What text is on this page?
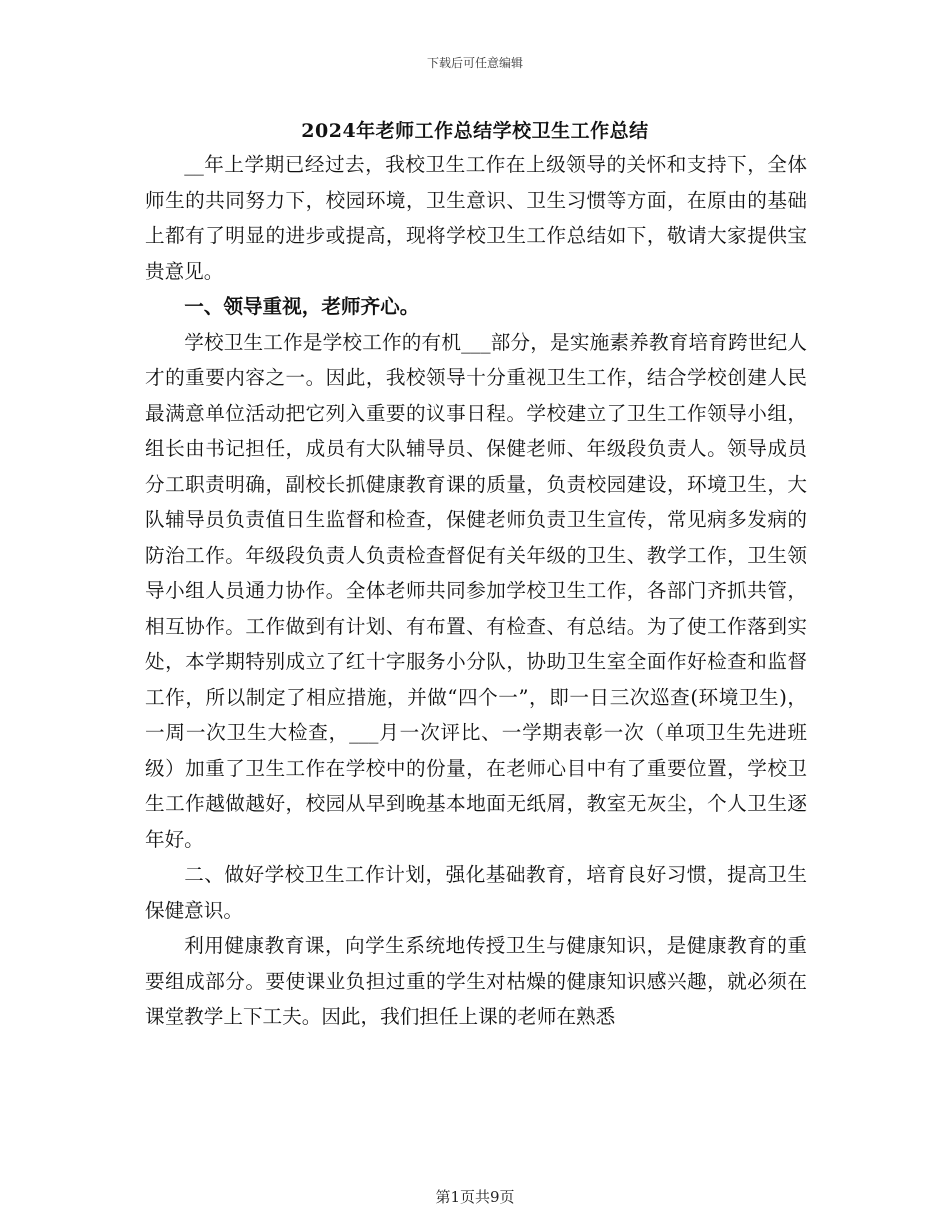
下载后可任意编辑
2024年老师工作总结学校卫生工作总结

__年上学期已经过去，我校卫生工作在上级领导的关怀和支持下，全体师生的共同努力下，校园环境，卫生意识、卫生习惯等方面，在原由的基础上都有了明显的进步或提高，现将学校卫生工作总结如下，敬请大家提供宝贵意见。

一、领导重视，老师齐心。

学校卫生工作是学校工作的有机___部分，是实施素养教育培育跨世纪人才的重要内容之一。因此，我校领导十分重视卫生工作，结合学校创建人民最满意单位活动把它列入重要的议事日程。学校建立了卫生工作领导小组，组长由书记担任，成员有大队辅导员、保健老师、年级段负责人。领导成员分工职责明确，副校长抓健康教育课的质量，负责校园建设，环境卫生，大队辅导员负责值日生监督和检查，保健老师负责卫生宣传，常见病多发病的防治工作。年级段负责人负责检查督促有关年级的卫生、教学工作，卫生领导小组人员通力协作。全体老师共同参加学校卫生工作，各部门齐抓共管，相互协作。工作做到有计划、有布置、有检查、有总结。为了使工作落到实处，本学期特别成立了红十字服务小分队，协助卫生室全面作好检查和监督工作，所以制定了相应措施，并做“四个一”，即一日三次巡查(环境卫生)，一周一次卫生大检查，___月一次评比、一学期表彰一次（单项卫生先进班级）加重了卫生工作在学校中的份量，在老师心目中有了重要位置，学校卫生工作越做越好，校园从早到晚基本地面无纸屑，教室无灰尘，个人卫生逐年好。

二、做好学校卫生工作计划，强化基础教育，培育良好习惯，提高卫生保健意识。

利用健康教育课，向学生系统地传授卫生与健康知识，是健康教育的重要组成部分。要使课业负担过重的学生对枯燥的健康知识感兴趣，就必须在课堂教学上下工夫。因此，我们担任上课的老师在熟悉

第1页共9页
